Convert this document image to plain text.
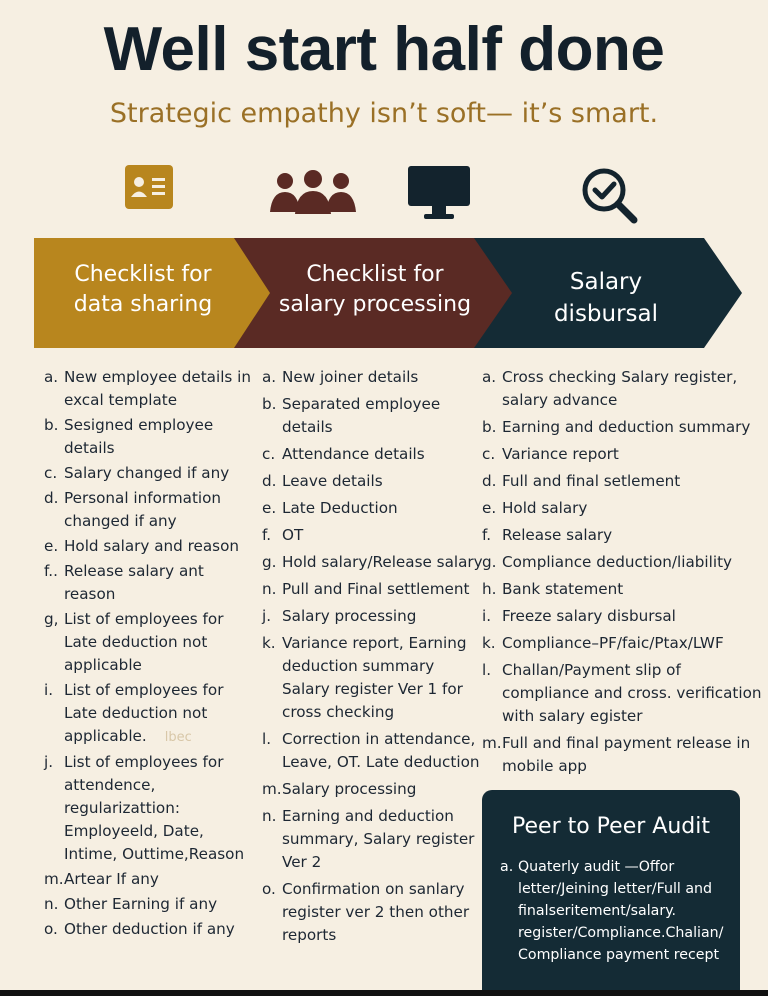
Well start half done
Strategic empathy isn’t soft— it’s smart.
Checklist for
data sharing
Checklist for
salary processing
Salary
disbursal
a. New employee details in excal template
b. Sesigned employee details
c. Salary changed if any
d. Personal information changed if any
e. Hold salary and reason
f.. Release salary ant reason
g, List of employees for Late deduction not applicable
i. List of employees for Late deduction not applicable. lbec
j. List of employees for attendence, regularizattion: Employeeld, Date, Intime, Outtime,Reason
m. Artear If any
n. Other Earning if any
o. Other deduction if any
a. New joiner details
b. Separated employee details
c. Attendance details
d. Leave details
e. Late Deduction
f. OT
g. Hold salary/Release salary
n. Pull and Final settlement
j. Salary processing
k. Variance report, Earning deduction summary Salary register Ver 1 for cross checking
l. Correction in attendance, Leave, OT. Late deduction
m. Salary processing
n. Earning and deduction summary, Salary register Ver 2
o. Confirmation on sanlary register ver 2 then other reports
a. Cross checking Salary register, salary advance
b. Earning and deduction summary
c. Variance report
d. Full and final setlement
e. Hold salary
f. Release salary
g. Compliance deduction/liability
h. Bank statement
i. Freeze salary disbursal
k. Compliance–PF/faic/Ptax/LWF
l. Challan/Payment slip of compliance and cross. verification with salary egister
m. Full and final payment release in mobile app
Peer to Peer Audit
a. Quaterly audit —Offor letter/Jeining letter/Full and finalseritement/salary. register/Compliance.Chalian/ Compliance payment recept
